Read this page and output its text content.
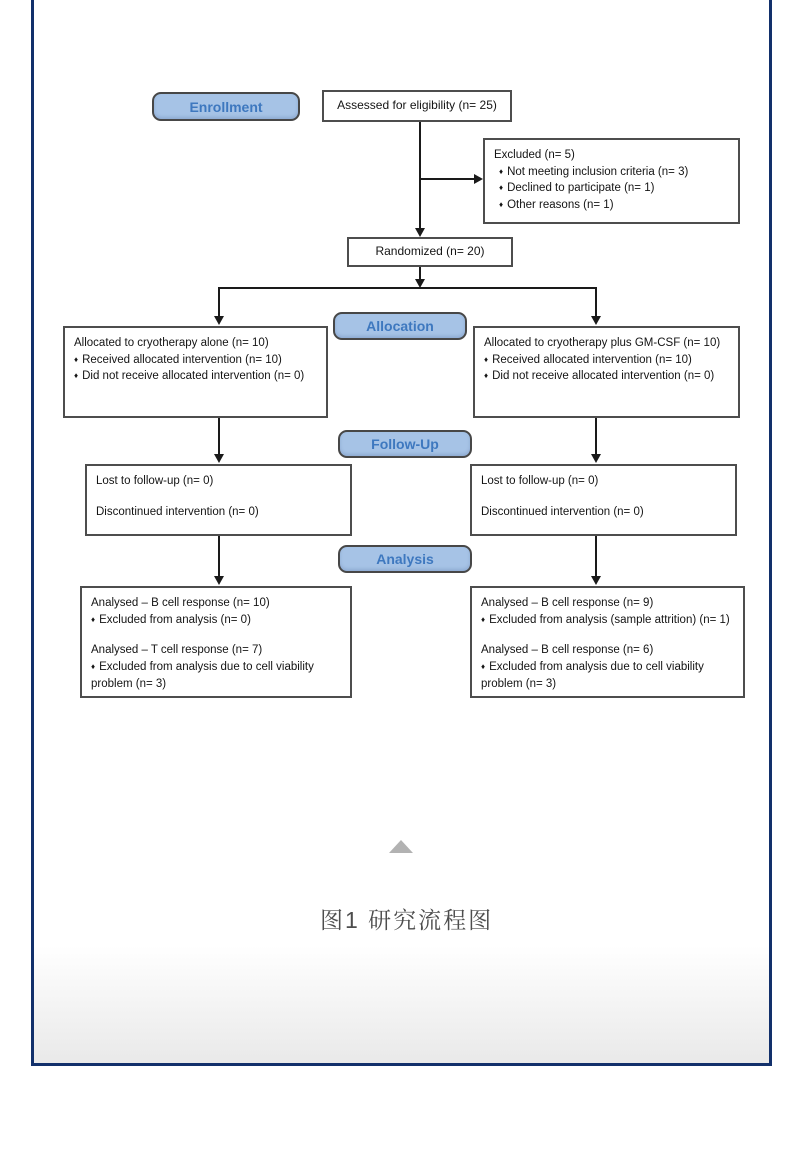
Enrollment	Assessed for eligibility (n= 25)
Excluded (n= 5)
♦ Not meeting inclusion criteria (n= 3)
♦ Declined to participate (n= 1)
♦ Other reasons (n= 1)
Randomized (n= 20)
Allocation
Allocated to cryotherapy alone (n= 10)
♦ Received allocated intervention (n= 10)
♦ Did not receive allocated intervention (n= 0)
Allocated to cryotherapy plus GM-CSF (n= 10)
♦ Received allocated intervention (n= 10)
♦ Did not receive allocated intervention (n= 0)
Follow-Up
Lost to follow-up (n= 0)
Discontinued intervention (n= 0)
Lost to follow-up (n= 0)
Discontinued intervention (n= 0)
Analysis
Analysed – B cell response (n= 10)
♦ Excluded from analysis (n= 0)
Analysed – T cell response (n= 7)
♦ Excluded from analysis due to cell viability problem (n= 3)
Analysed – B cell response (n= 9)
♦ Excluded from analysis (sample attrition) (n= 1)
Analysed – B cell response (n= 6)
♦ Excluded from analysis due to cell viability problem (n= 3)
图1 研究流程图
